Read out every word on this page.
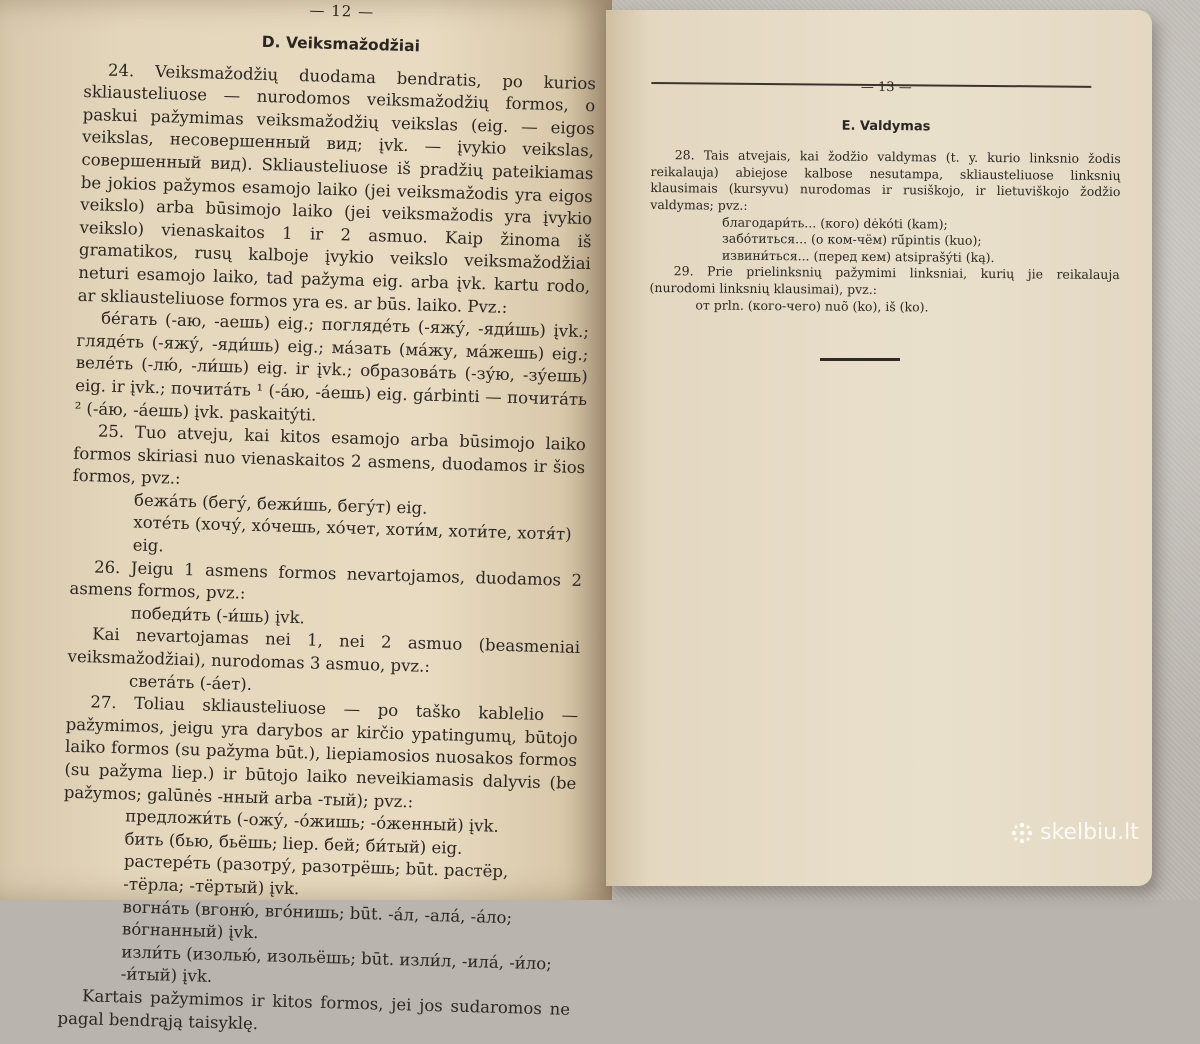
— 12 —
D. Veiksmažodžiai

24. Veiksmažodžių duodama bendratis, po kurios skliausteliuose — nurodomos veiksmažodžių formos, o paskui pažymimas veiksmažodžių veikslas (eig. — eigos veikslas, несовершенный вид; įvk. — įvykio veikslas, совершенный вид). Skliausteliuose iš pradžių pateikiamas be jokios pažymos esamojo laiko (jei veiksmažodis yra eigos veikslo) arba būsimojo laiko (jei veiksmažodis yra įvykio veikslo) vienaskaitos 1 ir 2 asmuo. Kaip žinoma iš gramatikos, rusų kalboje įvykio veikslo veiksmažodžiai neturi esamojo laiko, tad pažyma eig. arba įvk. kartu rodo, ar skliausteliuose formos yra es. ar būs. laiko. Pvz.:

бе́гать (-аю, -аешь) eig.; погляде́ть (-яжу́, -яди́шь) įvk.; гляде́ть (-яжу́, -яди́шь) eig.; ма́зать (ма́жу, ма́жешь) eig.; веле́ть (-лю́, -ли́шь) eig. ir įvk.; образова́ть (-зу́ю, -зу́ешь) eig. ir įvk.; почита́ть ¹ (-а́ю, -а́ешь) eig. gárbinti — почита́ть ² (-а́ю, -а́ешь) įvk. paskaitýti.

25. Tuo atveju, kai kitos esamojo arba būsimojo laiko formos skiriasi nuo vienaskaitos 2 asmens, duodamos ir šios formos, pvz.:

бежа́ть (бегу́, бежи́шь, бегу́т) eig.

хоте́ть (хочу́, хо́чешь, хо́чет, хоти́м, хоти́те, хотя́т) eig.

26. Jeigu 1 asmens formos nevartojamos, duodamos 2 asmens formos, pvz.:

победи́ть (-и́шь) įvk.

Kai nevartojamas nei 1, nei 2 asmuo (beasmeniai veiksmažodžiai), nurodomas 3 asmuo, pvz.:

света́ть (-а́ет).

27. Toliau skliausteliuose — po taško kablelio — pažymimos, jeigu yra darybos ar kirčio ypatingumų, būtojo laiko formos (su pažyma būt.), liepiamosios nuosakos formos (su pažyma liep.) ir būtojo laiko neveikiamasis dalyvis (be pažymos; galūnės -нный arba -тый); pvz.:

предложи́ть (-ожу́, -о́жишь; -о́женный) įvk.

бить (бью, бьёшь; liep. бей; би́тый) eig.

растере́ть (разотру́, разотрёшь; būt. растёр, -тёрла; -тёртый) įvk.

вогна́ть (вгоню́, вго́нишь; būt. -а́л, -ала́, -а́ло; во́гнанный) įvk.

изли́ть (изолью́, изольёшь; būt. изли́л, -ила́, -и́ло; -и́тый) įvk.

Kartais pažymimos ir kitos formos, jei jos sudaromos ne pagal bendrąją taisyklę.

— 13 —
E. Valdymas

28. Tais atvejais, kai žodžio valdymas (t. y. kurio linksnio žodis reikalauja) abiejose kalbose nesutampa, skliausteliuose linksnių klausimais (kursyvu) nurodomas ir rusiškojo, ir lietuviškojo žodžio valdymas; pvz.:

благодари́ть... (кого) dėkóti (kam);

забо́титься... (о ком-чём) rū́pintis (kuo);

извини́ться... (перед кем) atsiprašýti (ką).

29. Prie prielinksnių pažymimi linksniai, kurių jie reikalauja (nurodomi linksnių klausimai), pvz.:

от prln. (кого-чего) nuõ (ko), iš (ko).

skelbiu.lt
